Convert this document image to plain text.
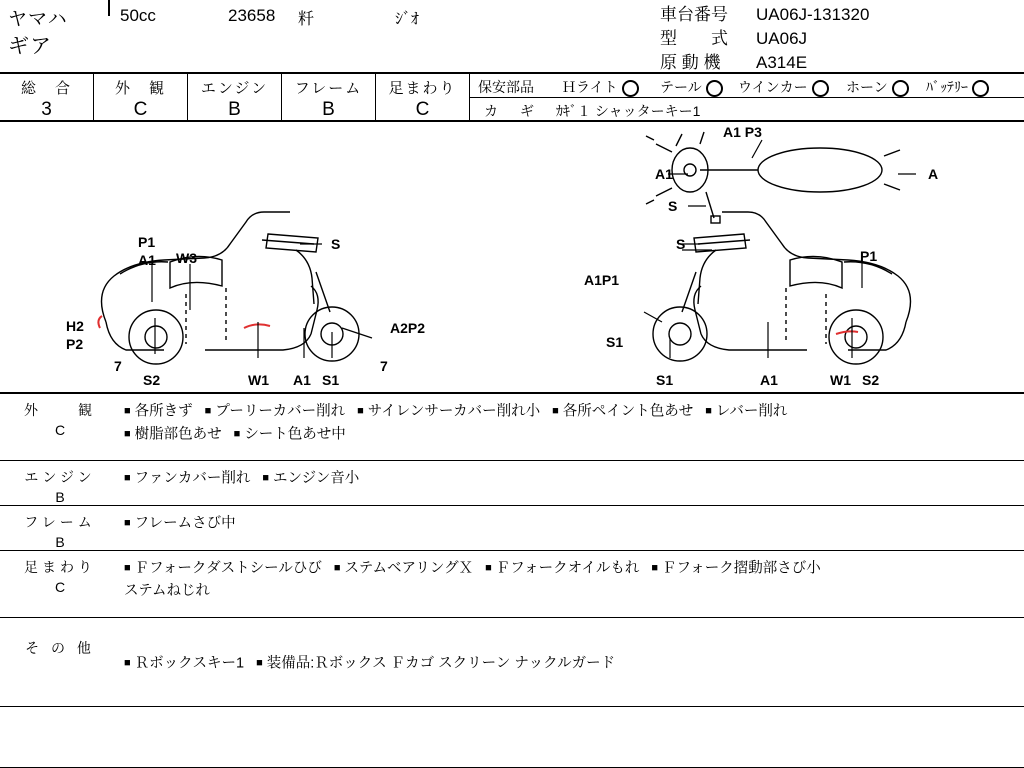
ヤマハ
ギア
50cc	23658 粁	ｼﾞｵ	車台番号 UA06J-131320
型　　式 UA06J
原 動 機 A314E
総　合
3
外　観
C
エンジン
B
フレーム
B
足まわり
C
保安部品 Ｈライト	テール	ウインカー	ホーン	ﾊﾞｯﾃﾘｰ
カ　ギ ｶｷﾞ１ シャッターキー1
A1 P3
A1	A
S
P1
A1 W3
S
H2
P2
7
S2	W1 A1 S1
7
A2P2
S
P1
A1P1
S1
S1	A1	W1 S2
外　　観
C
■ 各所きず ■ プーリーカバー削れ ■ サイレンサーカバー削れ小 ■ 各所ペイント色あせ ■ レバー削れ
■ 樹脂部色あせ ■ シート色あせ中
エンジン
B
■ ファンカバー削れ ■ エンジン音小
フレーム
B
■ フレームさび中
足まわり
C
■ Ｆフォークダストシールひび ■ ステムベアリングＸ ■ Ｆフォークオイルもれ ■ Ｆフォーク摺動部さび小
ステムねじれ
そ の 他
■ Ｒボックスキー1 ■ 装備品:Ｒボックス Ｆカゴ スクリーン ナックルガード
